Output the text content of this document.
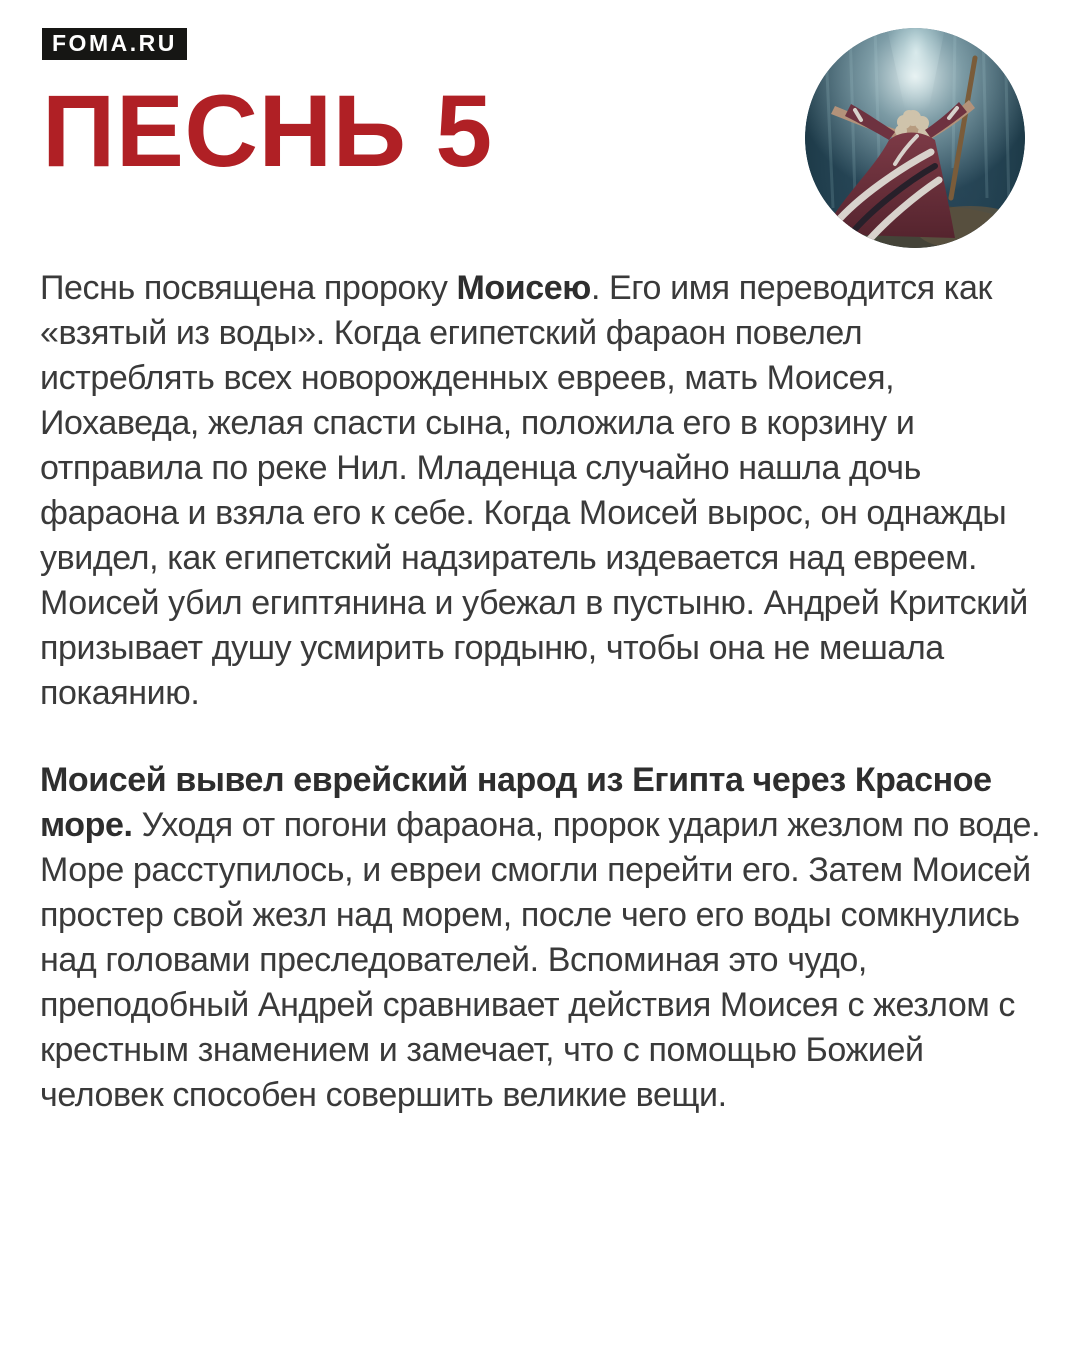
FOMA.RU
ПЕСНЬ 5

Песнь посвящена пророку Моисею. Его имя переводится как «взятый из воды». Когда египетский фараон повелел истреблять всех новорожденных евреев, мать Моисея, Иохаведа, желая спасти сына, положила его в корзину и отправила по реке Нил. Младенца случайно нашла дочь фараона и взяла его к себе. Когда Моисей вырос, он однажды увидел, как египетский надзиратель издевается над евреем. Моисей убил египтянина и убежал в пустыню. Андрей Критский призывает душу усмирить гордыню, чтобы она не мешала покаянию.

Моисей вывел еврейский народ из Египта через Красное море. Уходя от погони фараона, пророк ударил жезлом по воде. Море расступилось, и евреи смогли перейти его. Затем Моисей простер свой жезл над морем, после чего его воды сомкнулись над головами преследователей. Вспоминая это чудо, преподобный Андрей сравнивает действия Моисея с жезлом с крестным знамением и замечает, что с помощью Божией человек способен совершить великие вещи.
